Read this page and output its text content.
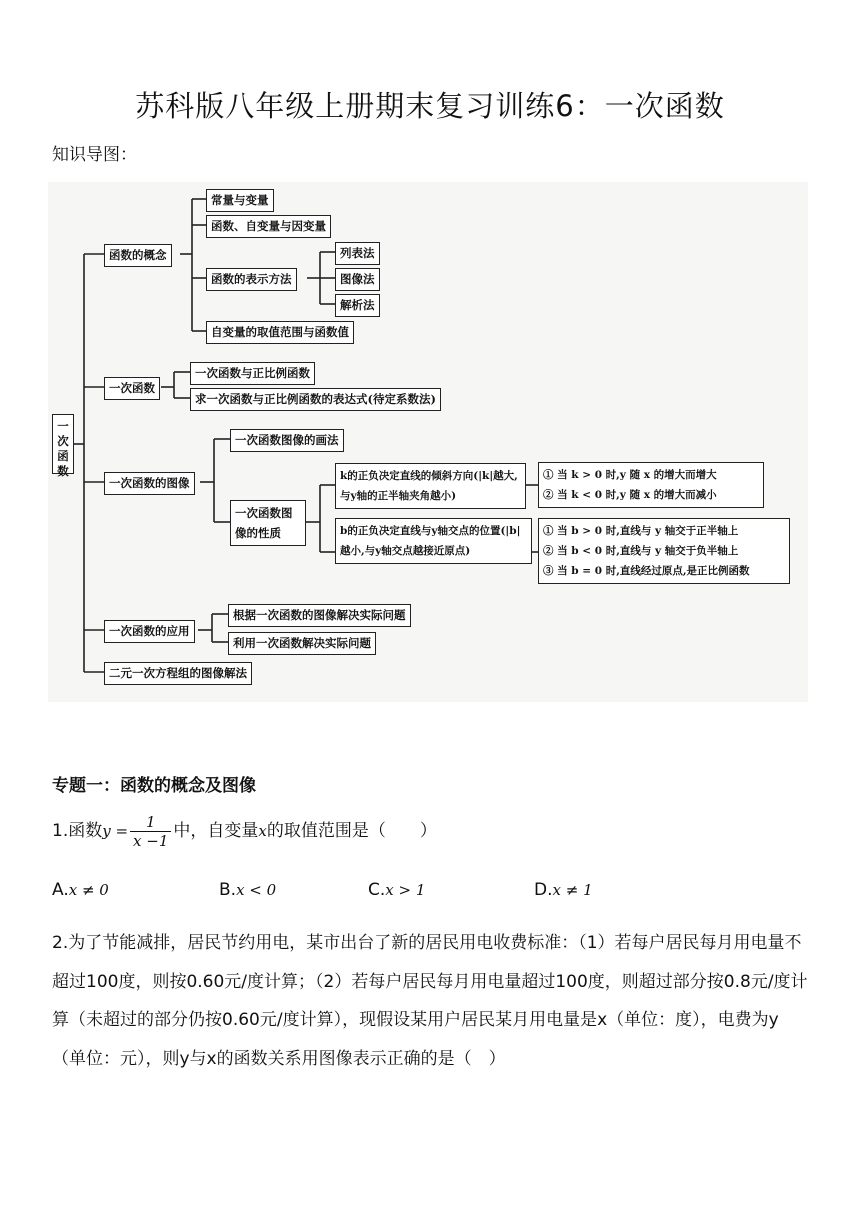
苏科版八年级上册期末复习训练6：一次函数
知识导图：
一次函数
函数的概念
常量与变量
函数、自变量与因变量
函数的表示方法
列表法
图像法
解析法
自变量的取值范围与函数值
一次函数
一次函数与正比例函数
求一次函数与正比例函数的表达式(待定系数法)
一次函数的图像
一次函数图像的画法
一次函数图像的性质
k的正负决定直线的倾斜方向(|k|越大,与y轴的正半轴夹角越小)
① 当 k > 0 时,y 随 x 的增大而增大
② 当 k < 0 时,y 随 x 的增大而减小
b的正负决定直线与y轴交点的位置(|b|越小,与y轴交点越接近原点)
① 当 b > 0 时,直线与 y 轴交于正半轴上
② 当 b < 0 时,直线与 y 轴交于负半轴上
③ 当 b = 0 时,直线经过原点,是正比例函数
一次函数的应用
根据一次函数的图像解决实际问题
利用一次函数解决实际问题
二元一次方程组的图像解法
专题一：函数的概念及图像
1.函数$y = \frac{1}{x -1}$ 中，自变量x的取值范围是（　　）
A.x ≠ 0	B.x < 0	C.x > 1	D.x ≠ 1
2.为了节能减排，居民节约用电，某市出台了新的居民用电收费标准：（1）若每户居民每月用电量不超过100度，则按0.60元/度计算；（2）若每户居民每月用电量超过100度，则超过部分按0.8元/度计算（未超过的部分仍按0.60元/度计算），现假设某用户居民某月用电量是x（单位：度），电费为y（单位：元），则y与x的函数关系用图像表示正确的是（　）
